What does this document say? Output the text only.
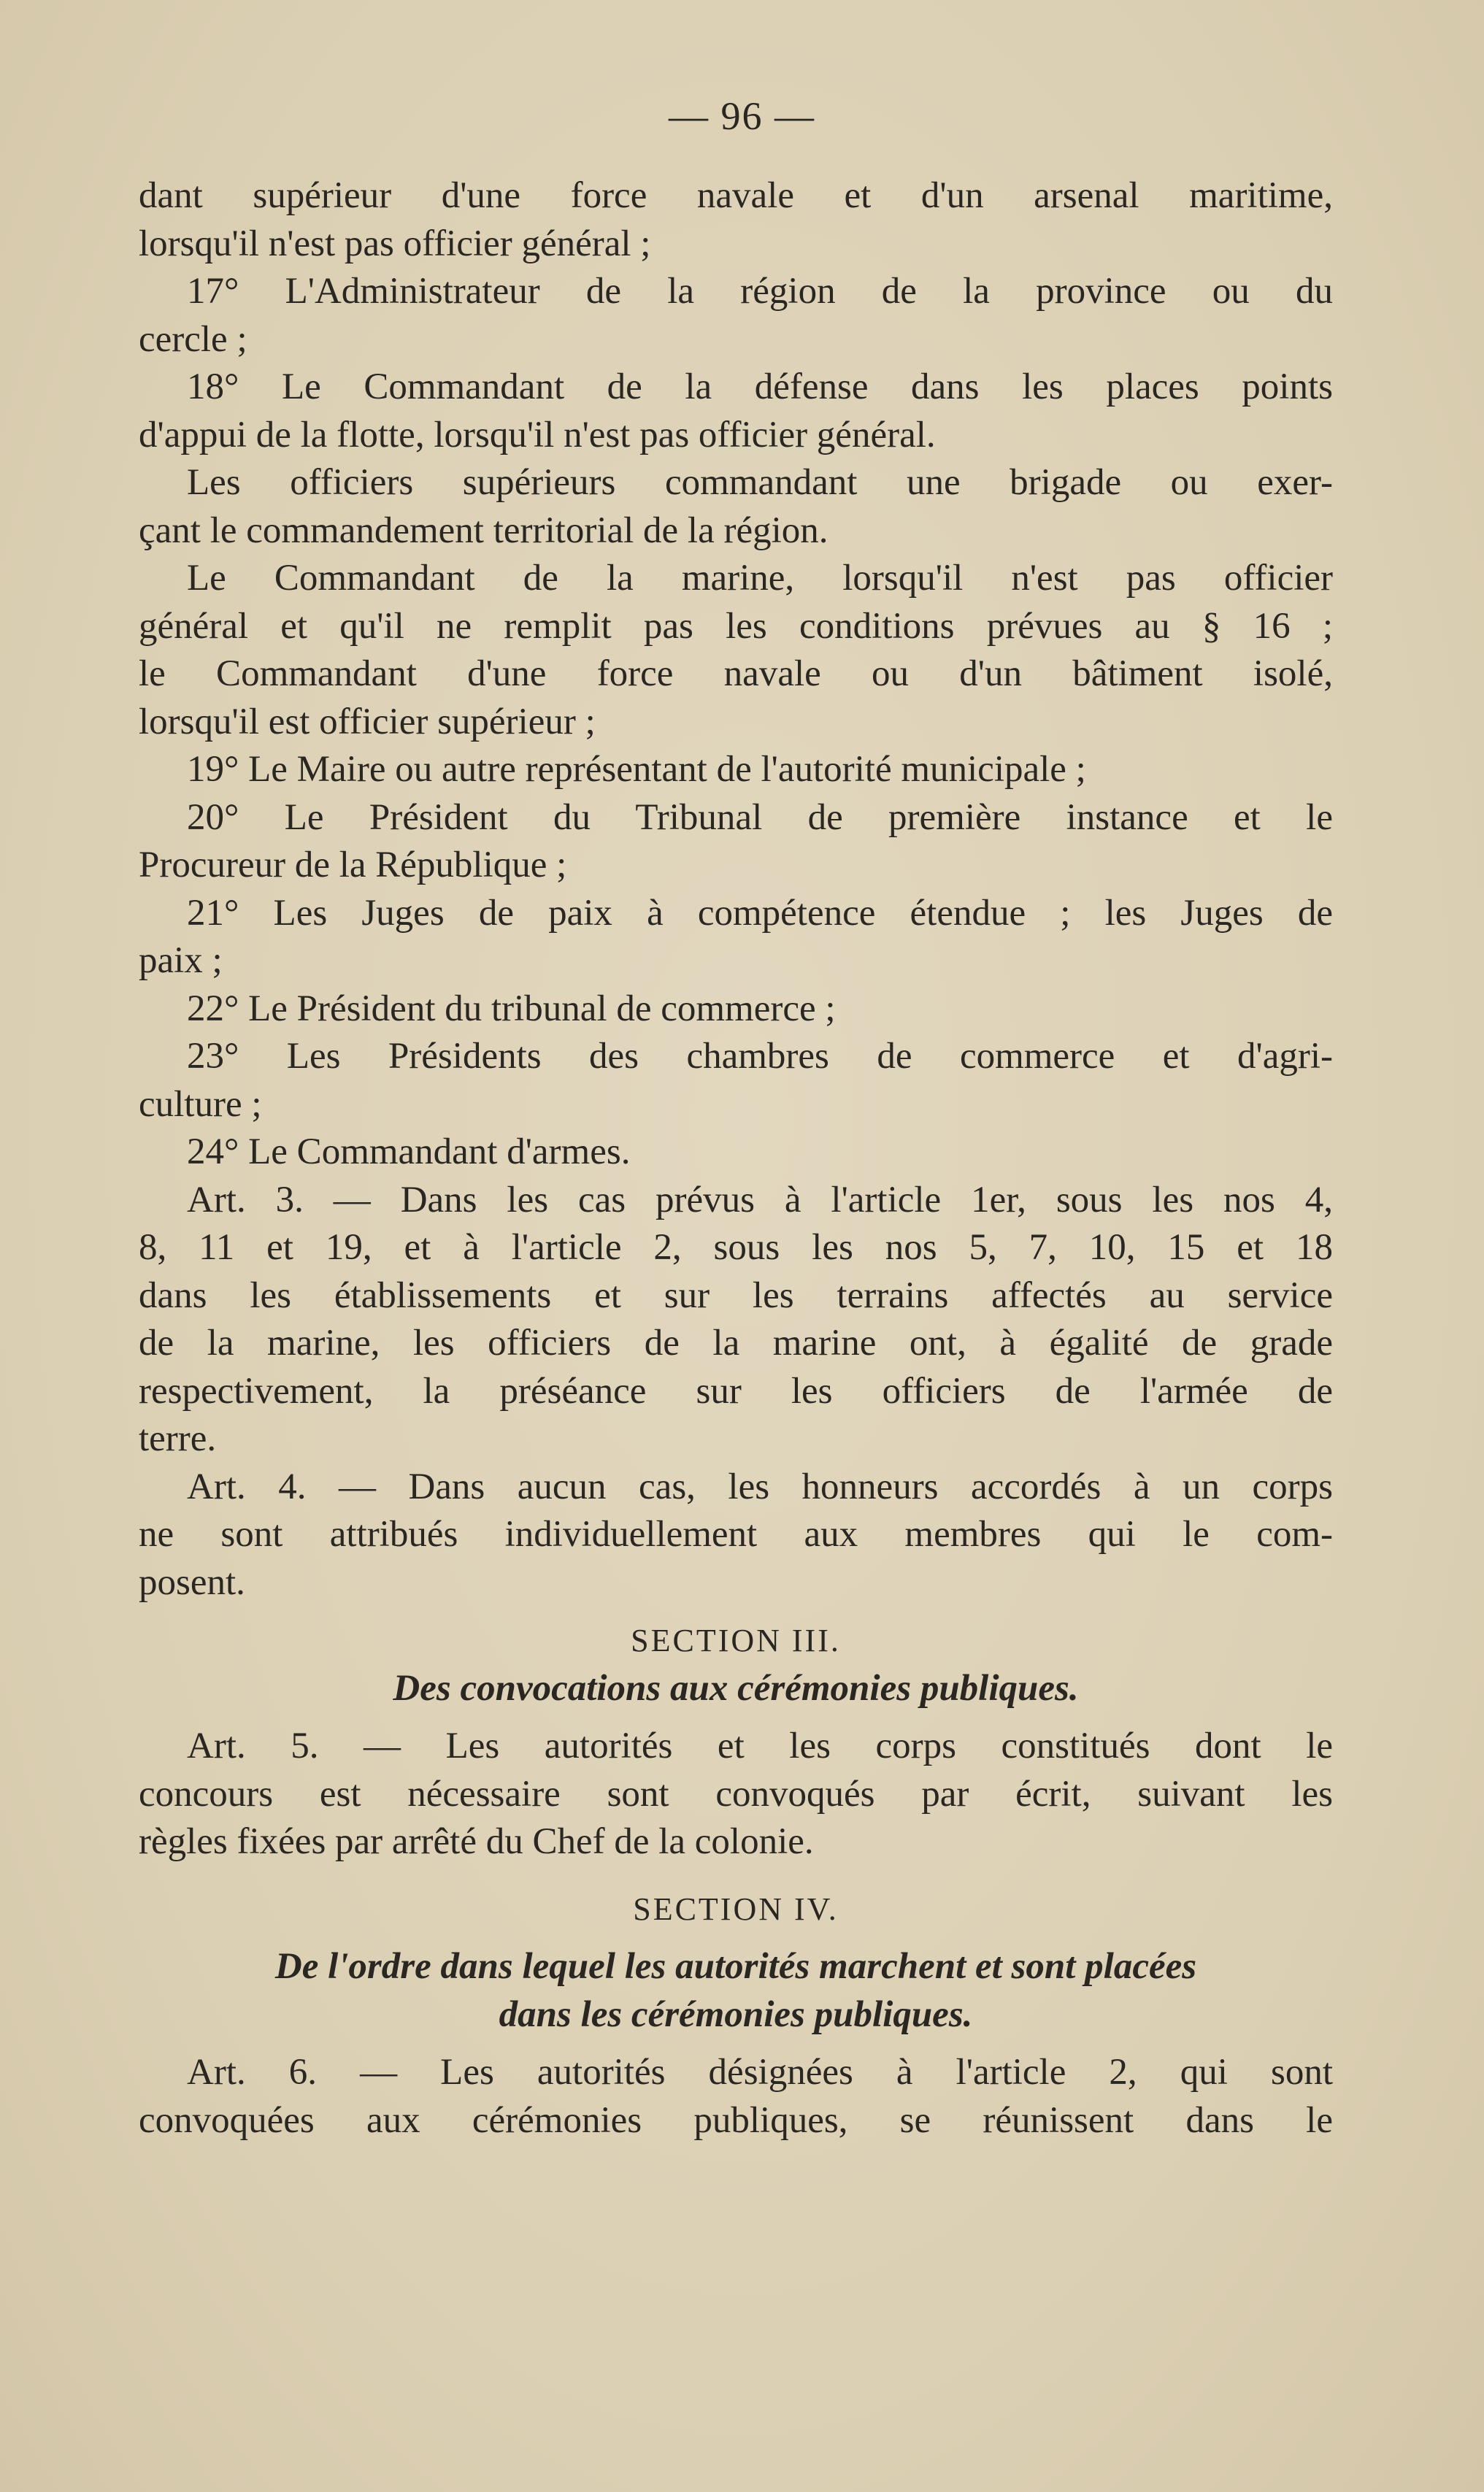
— 96 —
dant supérieur d'une force navale et d'un arsenal maritime,
lorsqu'il n'est pas officier général ;
17° L'Administrateur de la région de la province ou du
cercle ;
18° Le Commandant de la défense dans les places points
d'appui de la flotte, lorsqu'il n'est pas officier général.
Les officiers supérieurs commandant une brigade ou exer-
çant le commandement territorial de la région.
Le Commandant de la marine, lorsqu'il n'est pas officier
général et qu'il ne remplit pas les conditions prévues au § 16 ;
le Commandant d'une force navale ou d'un bâtiment isolé,
lorsqu'il est officier supérieur ;
19° Le Maire ou autre représentant de l'autorité municipale ;
20° Le Président du Tribunal de première instance et le
Procureur de la République ;
21° Les Juges de paix à compétence étendue ; les Juges de
paix ;
22° Le Président du tribunal de commerce ;
23° Les Présidents des chambres de commerce et d'agri-
culture ;
24° Le Commandant d'armes.
Art. 3. — Dans les cas prévus à l'article 1er, sous les nos 4,
8, 11 et 19, et à l'article 2, sous les nos 5, 7, 10, 15 et 18
dans les établissements et sur les terrains affectés au service
de la marine, les officiers de la marine ont, à égalité de grade
respectivement, la préséance sur les officiers de l'armée de
terre.
Art. 4. — Dans aucun cas, les honneurs accordés à un corps
ne sont attribués individuellement aux membres qui le com-
posent.
SECTION III.
Des convocations aux cérémonies publiques.
Art. 5. — Les autorités et les corps constitués dont le
concours est nécessaire sont convoqués par écrit, suivant les
règles fixées par arrêté du Chef de la colonie.
SECTION IV.
De l'ordre dans lequel les autorités marchent et sont placées
dans les cérémonies publiques.
Art. 6. — Les autorités désignées à l'article 2, qui sont
convoquées aux cérémonies publiques, se réunissent dans le
